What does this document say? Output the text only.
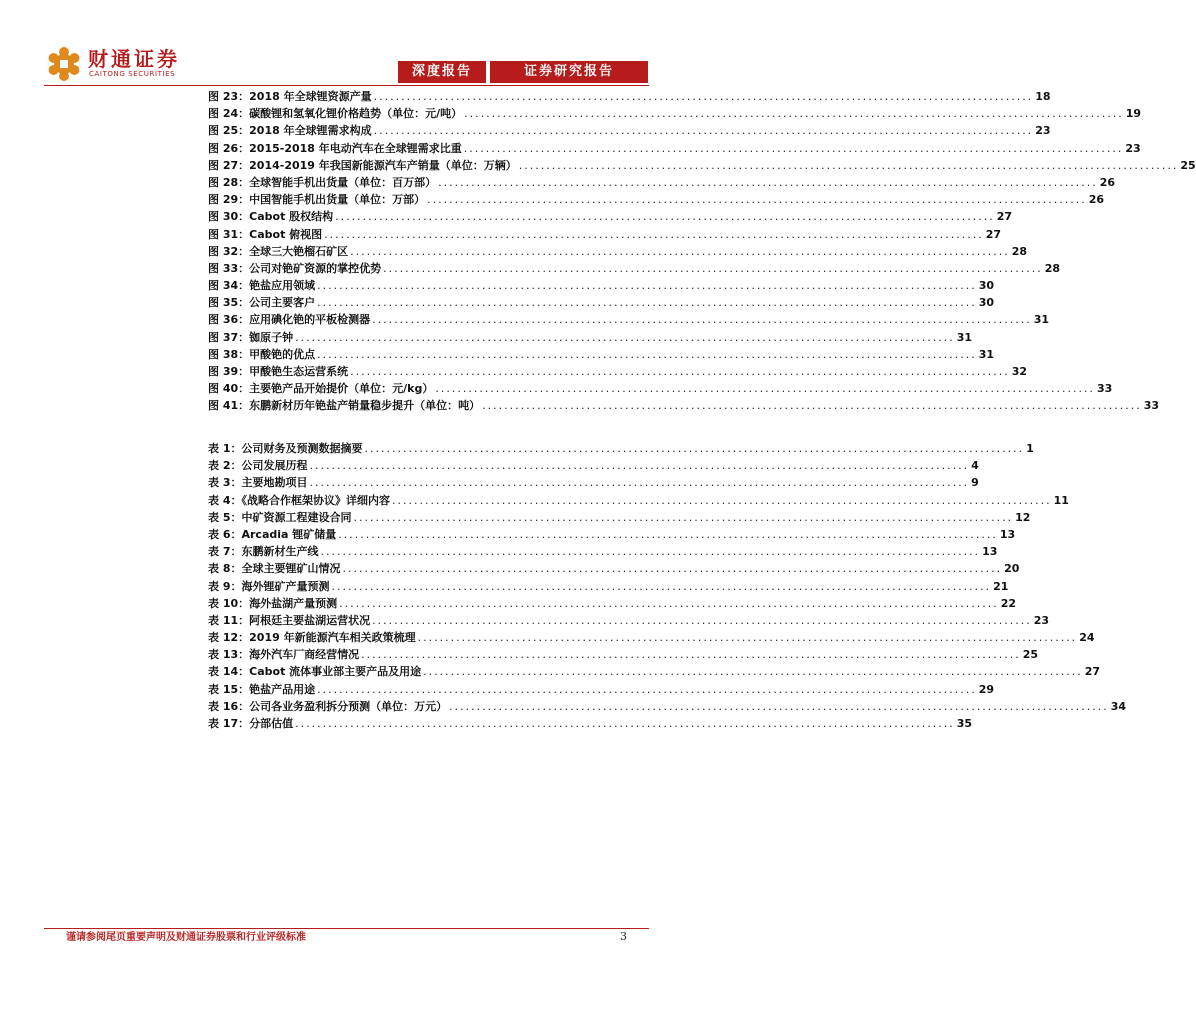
财通证券
CAITONG SECURITIES	深度报告	证券研究报告
图 23：2018 年全球锂资源产量 ........................................................................................................................ 18
图 24：碳酸锂和氢氧化锂价格趋势（单位：元/吨） ........................................................................................................................ 19
图 25：2018 年全球锂需求构成 ........................................................................................................................ 23
图 26：2015-2018 年电动汽车在全球锂需求比重 ........................................................................................................................ 23
图 27：2014-2019 年我国新能源汽车产销量（单位：万辆） ........................................................................................................................ 25
图 28：全球智能手机出货量（单位：百万部） ........................................................................................................................ 26
图 29：中国智能手机出货量（单位：万部） ........................................................................................................................ 26
图 30：Cabot 股权结构 ........................................................................................................................ 27
图 31：Cabot 俯视图 ........................................................................................................................ 27
图 32：全球三大铯榴石矿区 ........................................................................................................................ 28
图 33：公司对铯矿资源的掌控优势 ........................................................................................................................ 28
图 34：铯盐应用领域 ........................................................................................................................ 30
图 35：公司主要客户 ........................................................................................................................ 30
图 36：应用碘化铯的平板检测器 ........................................................................................................................ 31
图 37：铷原子钟 ........................................................................................................................ 31
图 38：甲酸铯的优点 ........................................................................................................................ 31
图 39：甲酸铯生态运营系统 ........................................................................................................................ 32
图 40：主要铯产品开始提价（单位：元/kg） ........................................................................................................................ 33
图 41：东鹏新材历年铯盐产销量稳步提升（单位：吨） ........................................................................................................................ 33
表 1：公司财务及预测数据摘要 ........................................................................................................................ 1
表 2：公司发展历程 ........................................................................................................................ 4
表 3：主要地勘项目 ........................................................................................................................ 9
表 4：《战略合作框架协议》详细内容 ........................................................................................................................ 11
表 5：中矿资源工程建设合同 ........................................................................................................................ 12
表 6：Arcadia 锂矿储量 ........................................................................................................................ 13
表 7：东鹏新材生产线 ........................................................................................................................ 13
表 8：全球主要锂矿山情况 ........................................................................................................................ 20
表 9：海外锂矿产量预测 ........................................................................................................................ 21
表 10：海外盐湖产量预测 ........................................................................................................................ 22
表 11：阿根廷主要盐湖运营状况 ........................................................................................................................ 23
表 12：2019 年新能源汽车相关政策梳理 ........................................................................................................................ 24
表 13：海外汽车厂商经营情况 ........................................................................................................................ 25
表 14：Cabot 流体事业部主要产品及用途 ........................................................................................................................ 27
表 15：铯盐产品用途 ........................................................................................................................ 29
表 16：公司各业务盈利拆分预测（单位：万元） ........................................................................................................................ 34
表 17：分部估值 ........................................................................................................................ 35
谨请参阅尾页重要声明及财通证券股票和行业评级标准	3
